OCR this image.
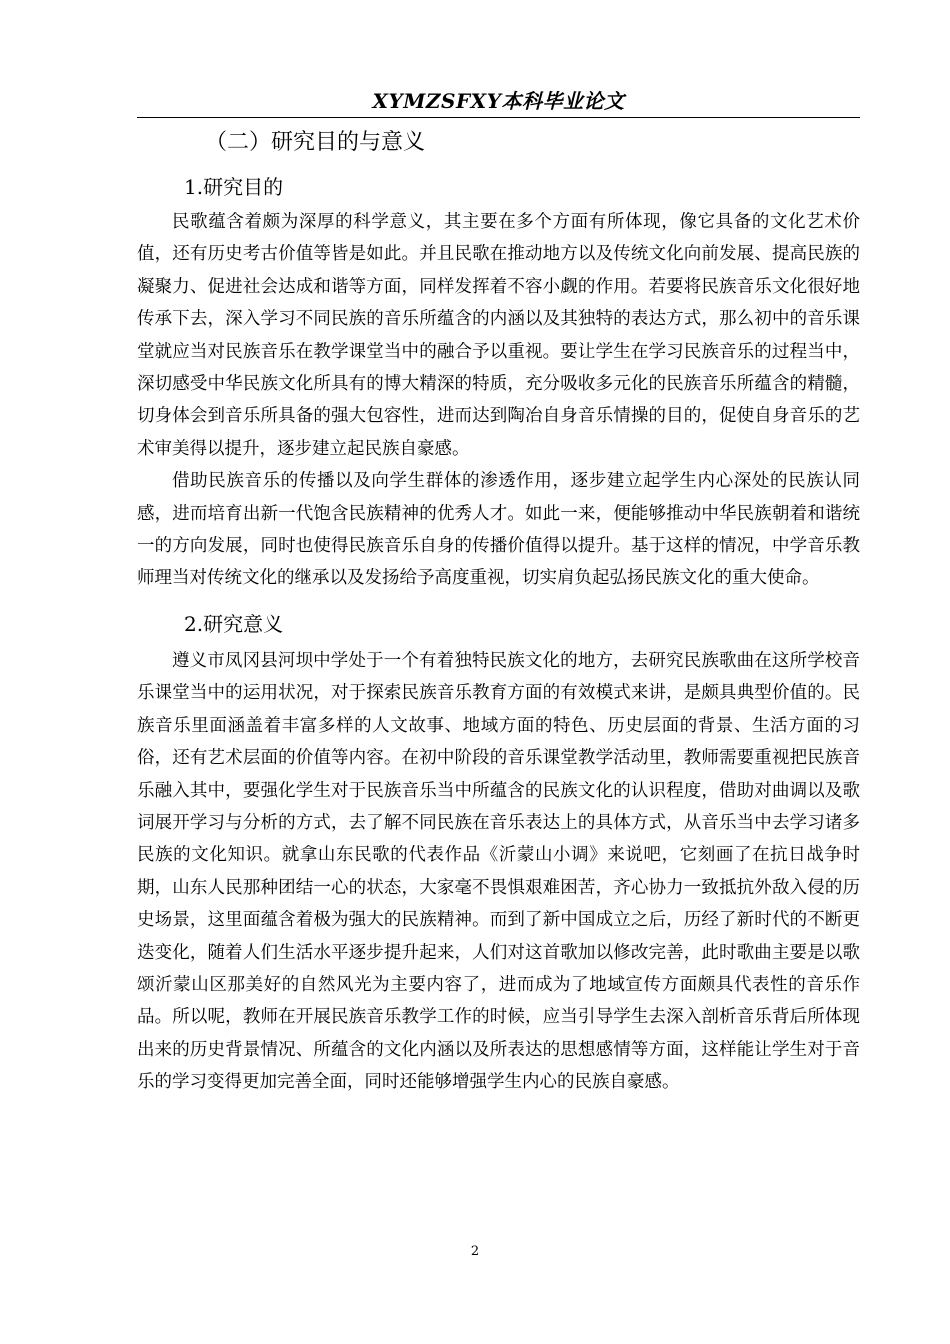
XYMZSFXY本科毕业论文
（二）研究目的与意义
1.研究目的

民歌蕴含着颇为深厚的科学意义，其主要在多个方面有所体现，像它具备的文化艺术价值，还有历史考古价值等皆是如此。并且民歌在推动地方以及传统文化向前发展、提高民族的凝聚力、促进社会达成和谐等方面，同样发挥着不容小觑的作用。若要将民族音乐文化很好地传承下去，深入学习不同民族的音乐所蕴含的内涵以及其独特的表达方式，那么初中的音乐课堂就应当对民族音乐在教学课堂当中的融合予以重视。要让学生在学习民族音乐的过程当中，深切感受中华民族文化所具有的博大精深的特质，充分吸收多元化的民族音乐所蕴含的精髓，切身体会到音乐所具备的强大包容性，进而达到陶冶自身音乐情操的目的，促使自身音乐的艺术审美得以提升，逐步建立起民族自豪感。

借助民族音乐的传播以及向学生群体的渗透作用，逐步建立起学生内心深处的民族认同感，进而培育出新一代饱含民族精神的优秀人才。如此一来，便能够推动中华民族朝着和谐统一的方向发展，同时也使得民族音乐自身的传播价值得以提升。基于这样的情况，中学音乐教师理当对传统文化的继承以及发扬给予高度重视，切实肩负起弘扬民族文化的重大使命。

2.研究意义

遵义市凤冈县河坝中学处于一个有着独特民族文化的地方，去研究民族歌曲在这所学校音乐课堂当中的运用状况，对于探索民族音乐教育方面的有效模式来讲，是颇具典型价值的。民族音乐里面涵盖着丰富多样的人文故事、地域方面的特色、历史层面的背景、生活方面的习俗，还有艺术层面的价值等内容。在初中阶段的音乐课堂教学活动里，教师需要重视把民族音乐融入其中，要强化学生对于民族音乐当中所蕴含的民族文化的认识程度，借助对曲调以及歌词展开学习与分析的方式，去了解不同民族在音乐表达上的具体方式，从音乐当中去学习诸多民族的文化知识。就拿山东民歌的代表作品《沂蒙山小调》来说吧，它刻画了在抗日战争时期，山东人民那种团结一心的状态，大家毫不畏惧艰难困苦，齐心协力一致抵抗外敌入侵的历史场景，这里面蕴含着极为强大的民族精神。而到了新中国成立之后，历经了新时代的不断更迭变化，随着人们生活水平逐步提升起来，人们对这首歌加以修改完善，此时歌曲主要是以歌颂沂蒙山区那美好的自然风光为主要内容了，进而成为了地域宣传方面颇具代表性的音乐作品。所以呢，教师在开展民族音乐教学工作的时候，应当引导学生去深入剖析音乐背后所体现出来的历史背景情况、所蕴含的文化内涵以及所表达的思想感情等方面，这样能让学生对于音乐的学习变得更加完善全面，同时还能够增强学生内心的民族自豪感。

2
